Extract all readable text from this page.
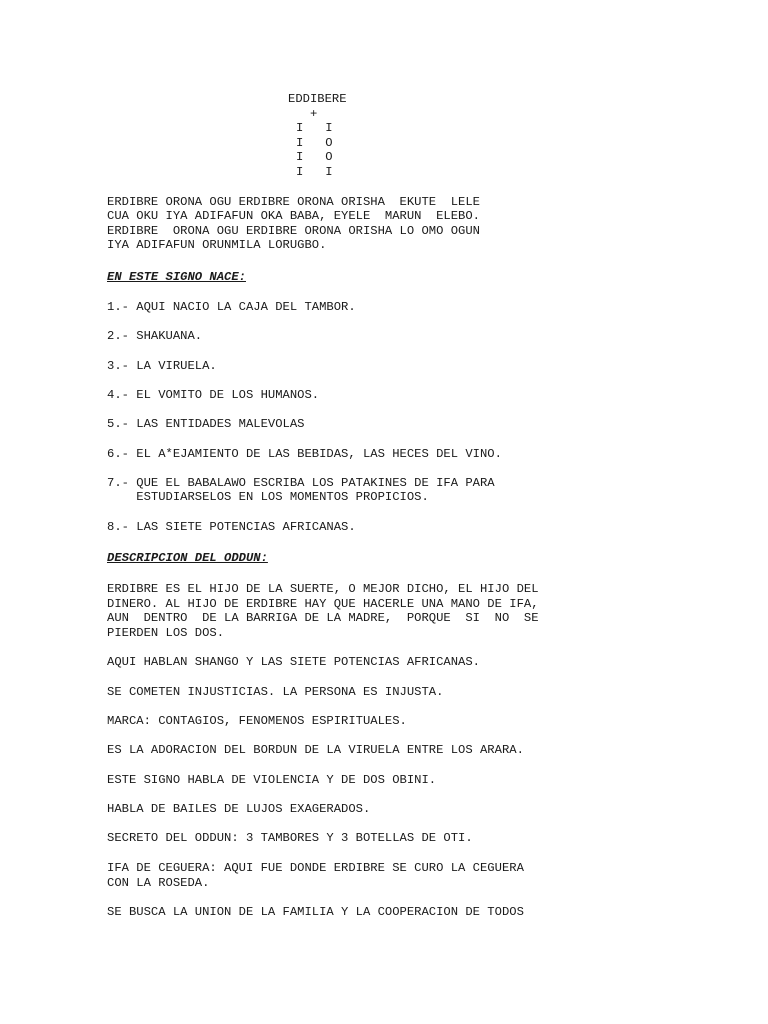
EDDIBERE
+
I   I
I   O
I   O
I   I
ERDIBRE ORONA OGU ERDIBRE ORONA ORISHA  EKUTE  LELE
CUA OKU IYA ADIFAFUN OKA BABA, EYELE  MARUN  ELEBO.
ERDIBRE  ORONA OGU ERDIBRE ORONA ORISHA LO OMO OGUN
IYA ADIFAFUN ORUNMILA LORUGBO.
EN ESTE SIGNO NACE:
1.- AQUI NACIO LA CAJA DEL TAMBOR.
2.- SHAKUANA.
3.- LA VIRUELA.
4.- EL VOMITO DE LOS HUMANOS.
5.- LAS ENTIDADES MALEVOLAS
6.- EL A*EJAMIENTO DE LAS BEBIDAS, LAS HECES DEL VINO.
7.- QUE EL BABALAWO ESCRIBA LOS PATAKINES DE IFA PARA
ESTUDIARSELOS EN LOS MOMENTOS PROPICIOS.
8.- LAS SIETE POTENCIAS AFRICANAS.
DESCRIPCION DEL ODDUN:
ERDIBRE ES EL HIJO DE LA SUERTE, O MEJOR DICHO, EL HIJO DEL
DINERO. AL HIJO DE ERDIBRE HAY QUE HACERLE UNA MANO DE IFA,
AUN  DENTRO  DE LA BARRIGA DE LA MADRE,  PORQUE  SI  NO  SE
PIERDEN LOS DOS.
AQUI HABLAN SHANGO Y LAS SIETE POTENCIAS AFRICANAS.
SE COMETEN INJUSTICIAS. LA PERSONA ES INJUSTA.
MARCA: CONTAGIOS, FENOMENOS ESPIRITUALES.
ES LA ADORACION DEL BORDUN DE LA VIRUELA ENTRE LOS ARARA.
ESTE SIGNO HABLA DE VIOLENCIA Y DE DOS OBINI.
HABLA DE BAILES DE LUJOS EXAGERADOS.
SECRETO DEL ODDUN: 3 TAMBORES Y 3 BOTELLAS DE OTI.
IFA DE CEGUERA: AQUI FUE DONDE ERDIBRE SE CURO LA CEGUERA
CON LA ROSEDA.
SE BUSCA LA UNION DE LA FAMILIA Y LA COOPERACION DE TODOS
